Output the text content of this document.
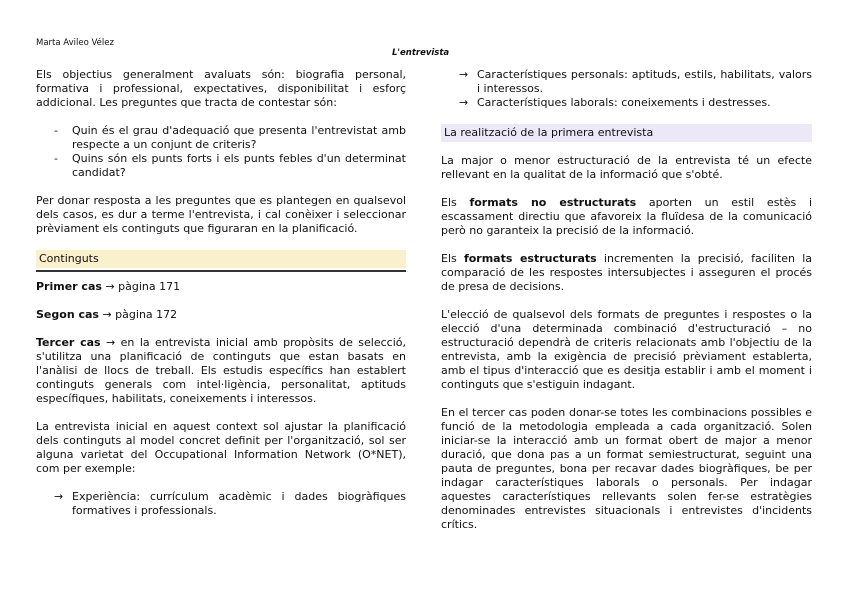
Marta Avileo Vélez
L'entrevista

Els objectius generalment avaluats són: biografia personal, formativa i professional, expectatives, disponibilitat i esforç addicional. Les preguntes que tracta de contestar són:

- Quin és el grau d'adequació que presenta l'entrevistat amb respecte a un conjunt de criteris?
- Quins són els punts forts i els punts febles d'un determinat candidat?

Per donar resposta a les preguntes que es plantegen en qualsevol dels casos, es dur a terme l'entrevista, i cal conèixer i seleccionar prèviament els continguts que figuraran en la planificació.

Continguts

Primer cas → pàgina 171

Segon cas → pàgina 172

Tercer cas → en la entrevista inicial amb propòsits de selecció, s'utilitza una planificació de continguts que estan basats en l'anàlisi de llocs de treball. Els estudis específics han establert continguts generals com intel·ligència, personalitat, aptituds específiques, habilitats, coneixements i interessos.

La entrevista inicial en aquest context sol ajustar la planificació dels continguts al model concret definit per l'organització, sol ser alguna varietat del Occupational Information Network (O*NET), com per exemple:

→ Experiència: currículum acadèmic i dades biogràfiques formatives i professionals.
→ Característiques personals: aptituds, estils, habilitats, valors i interessos.
→ Característiques laborals: coneixements i destresses.
La realització de la primera entrevista

La major o menor estructuració de la entrevista té un efecte rellevant en la qualitat de la informació que s'obté.

Els formats no estructurats aporten un estil estès i escassament directiu que afavoreix la fluïdesa de la comunicació però no garanteix la precisió de la informació.

Els formats estructurats incrementen la precisió, faciliten la comparació de les respostes intersubjectes i asseguren el procés de presa de decisions.

L'elecció de qualsevol dels formats de preguntes i respostes o la elecció d'una determinada combinació d'estructuració – no estructuració dependrà de criteris relacionats amb l'objectiu de la entrevista, amb la exigència de precisió prèviament establerta, amb el tipus d'interacció que es desitja establir i amb el moment i continguts que s'estiguin indagant.

En el tercer cas poden donar-se totes les combinacions possibles e funció de la metodologia empleada a cada organització. Solen iniciar-se la interacció amb un format obert de major a menor duració, que dona pas a un format semiestructurat, seguint una pauta de preguntes, bona per recavar dades biogràfiques, be per indagar característiques laborals o personals. Per indagar aquestes característiques rellevants solen fer-se estratègies denominades entrevistes situacionals i entrevistes d'incidents crítics.
